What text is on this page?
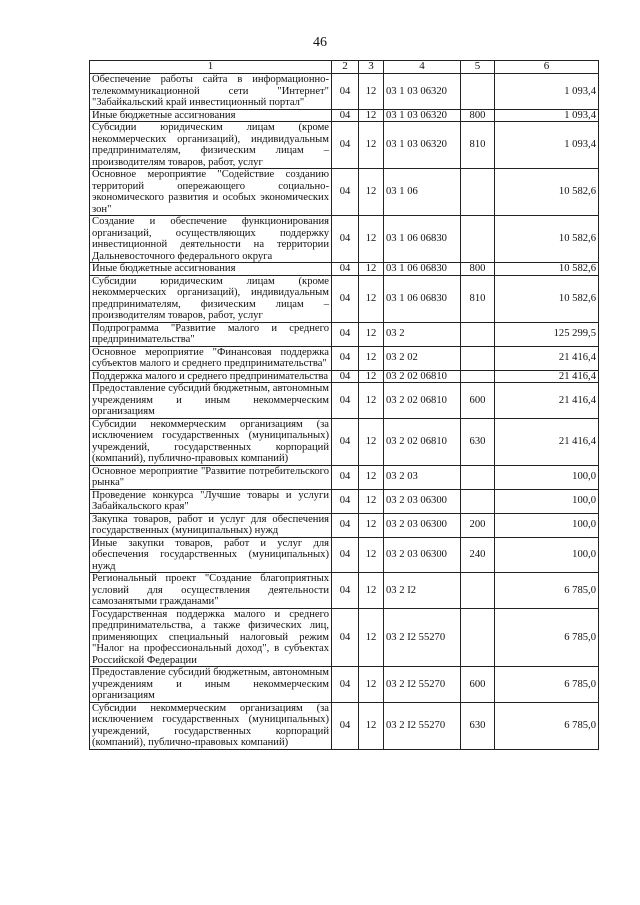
46
1	2	3	4	5	6
Обеспечение работы сайта в информационно-телекоммуникационной сети "Интернет" "Забайкальский край инвестиционный портал"	04	12	03 1 03 06320		1 093,4
Иные бюджетные ассигнования	04	12	03 1 03 06320	800	1 093,4
Субсидии юридическим лицам (кроме некоммерческих организаций), индивидуальным предпринимателям, физическим лицам – производителям товаров, работ, услуг	04	12	03 1 03 06320	810	1 093,4
Основное мероприятие "Содействие созданию территорий опережающего социально-экономического развития и особых экономических зон"	04	12	03 1 06		10 582,6
Создание и обеспечение функционирования организаций, осуществляющих поддержку инвестиционной деятельности на территории Дальневосточного федерального округа	04	12	03 1 06 06830		10 582,6
Иные бюджетные ассигнования	04	12	03 1 06 06830	800	10 582,6
Субсидии юридическим лицам (кроме некоммерческих организаций), индивидуальным предпринимателям, физическим лицам – производителям товаров, работ, услуг	04	12	03 1 06 06830	810	10 582,6
Подпрограмма "Развитие малого и среднего предпринимательства"	04	12	03 2		125 299,5
Основное мероприятие "Финансовая поддержка субъектов малого и среднего предпринимательства"	04	12	03 2 02		21 416,4
Поддержка малого и среднего предпринимательства	04	12	03 2 02 06810		21 416,4
Предоставление субсидий бюджетным, автономным учреждениям и иным некоммерческим организациям	04	12	03 2 02 06810	600	21 416,4
Субсидии некоммерческим организациям (за исключением государственных (муниципальных) учреждений, государственных корпораций (компаний), публично-правовых компаний)	04	12	03 2 02 06810	630	21 416,4
Основное мероприятие "Развитие потребительского рынка"	04	12	03 2 03		100,0
Проведение конкурса "Лучшие товары и услуги Забайкальского края"	04	12	03 2 03 06300		100,0
Закупка товаров, работ и услуг для обеспечения государственных (муниципальных) нужд	04	12	03 2 03 06300	200	100,0
Иные закупки товаров, работ и услуг для обеспечения государственных (муниципальных) нужд	04	12	03 2 03 06300	240	100,0
Региональный проект "Создание благоприятных условий для осуществления деятельности самозанятыми гражданами"	04	12	03 2 I2		6 785,0
Государственная поддержка малого и среднего предпринимательства, а также физических лиц, применяющих специальный налоговый режим "Налог на профессиональный доход", в субъектах Российской Федерации	04	12	03 2 I2 55270		6 785,0
Предоставление субсидий бюджетным, автономным учреждениям и иным некоммерческим организациям	04	12	03 2 I2 55270	600	6 785,0
Субсидии некоммерческим организациям (за исключением государственных (муниципальных) учреждений, государственных корпораций (компаний), публично-правовых компаний)	04	12	03 2 I2 55270	630	6 785,0
